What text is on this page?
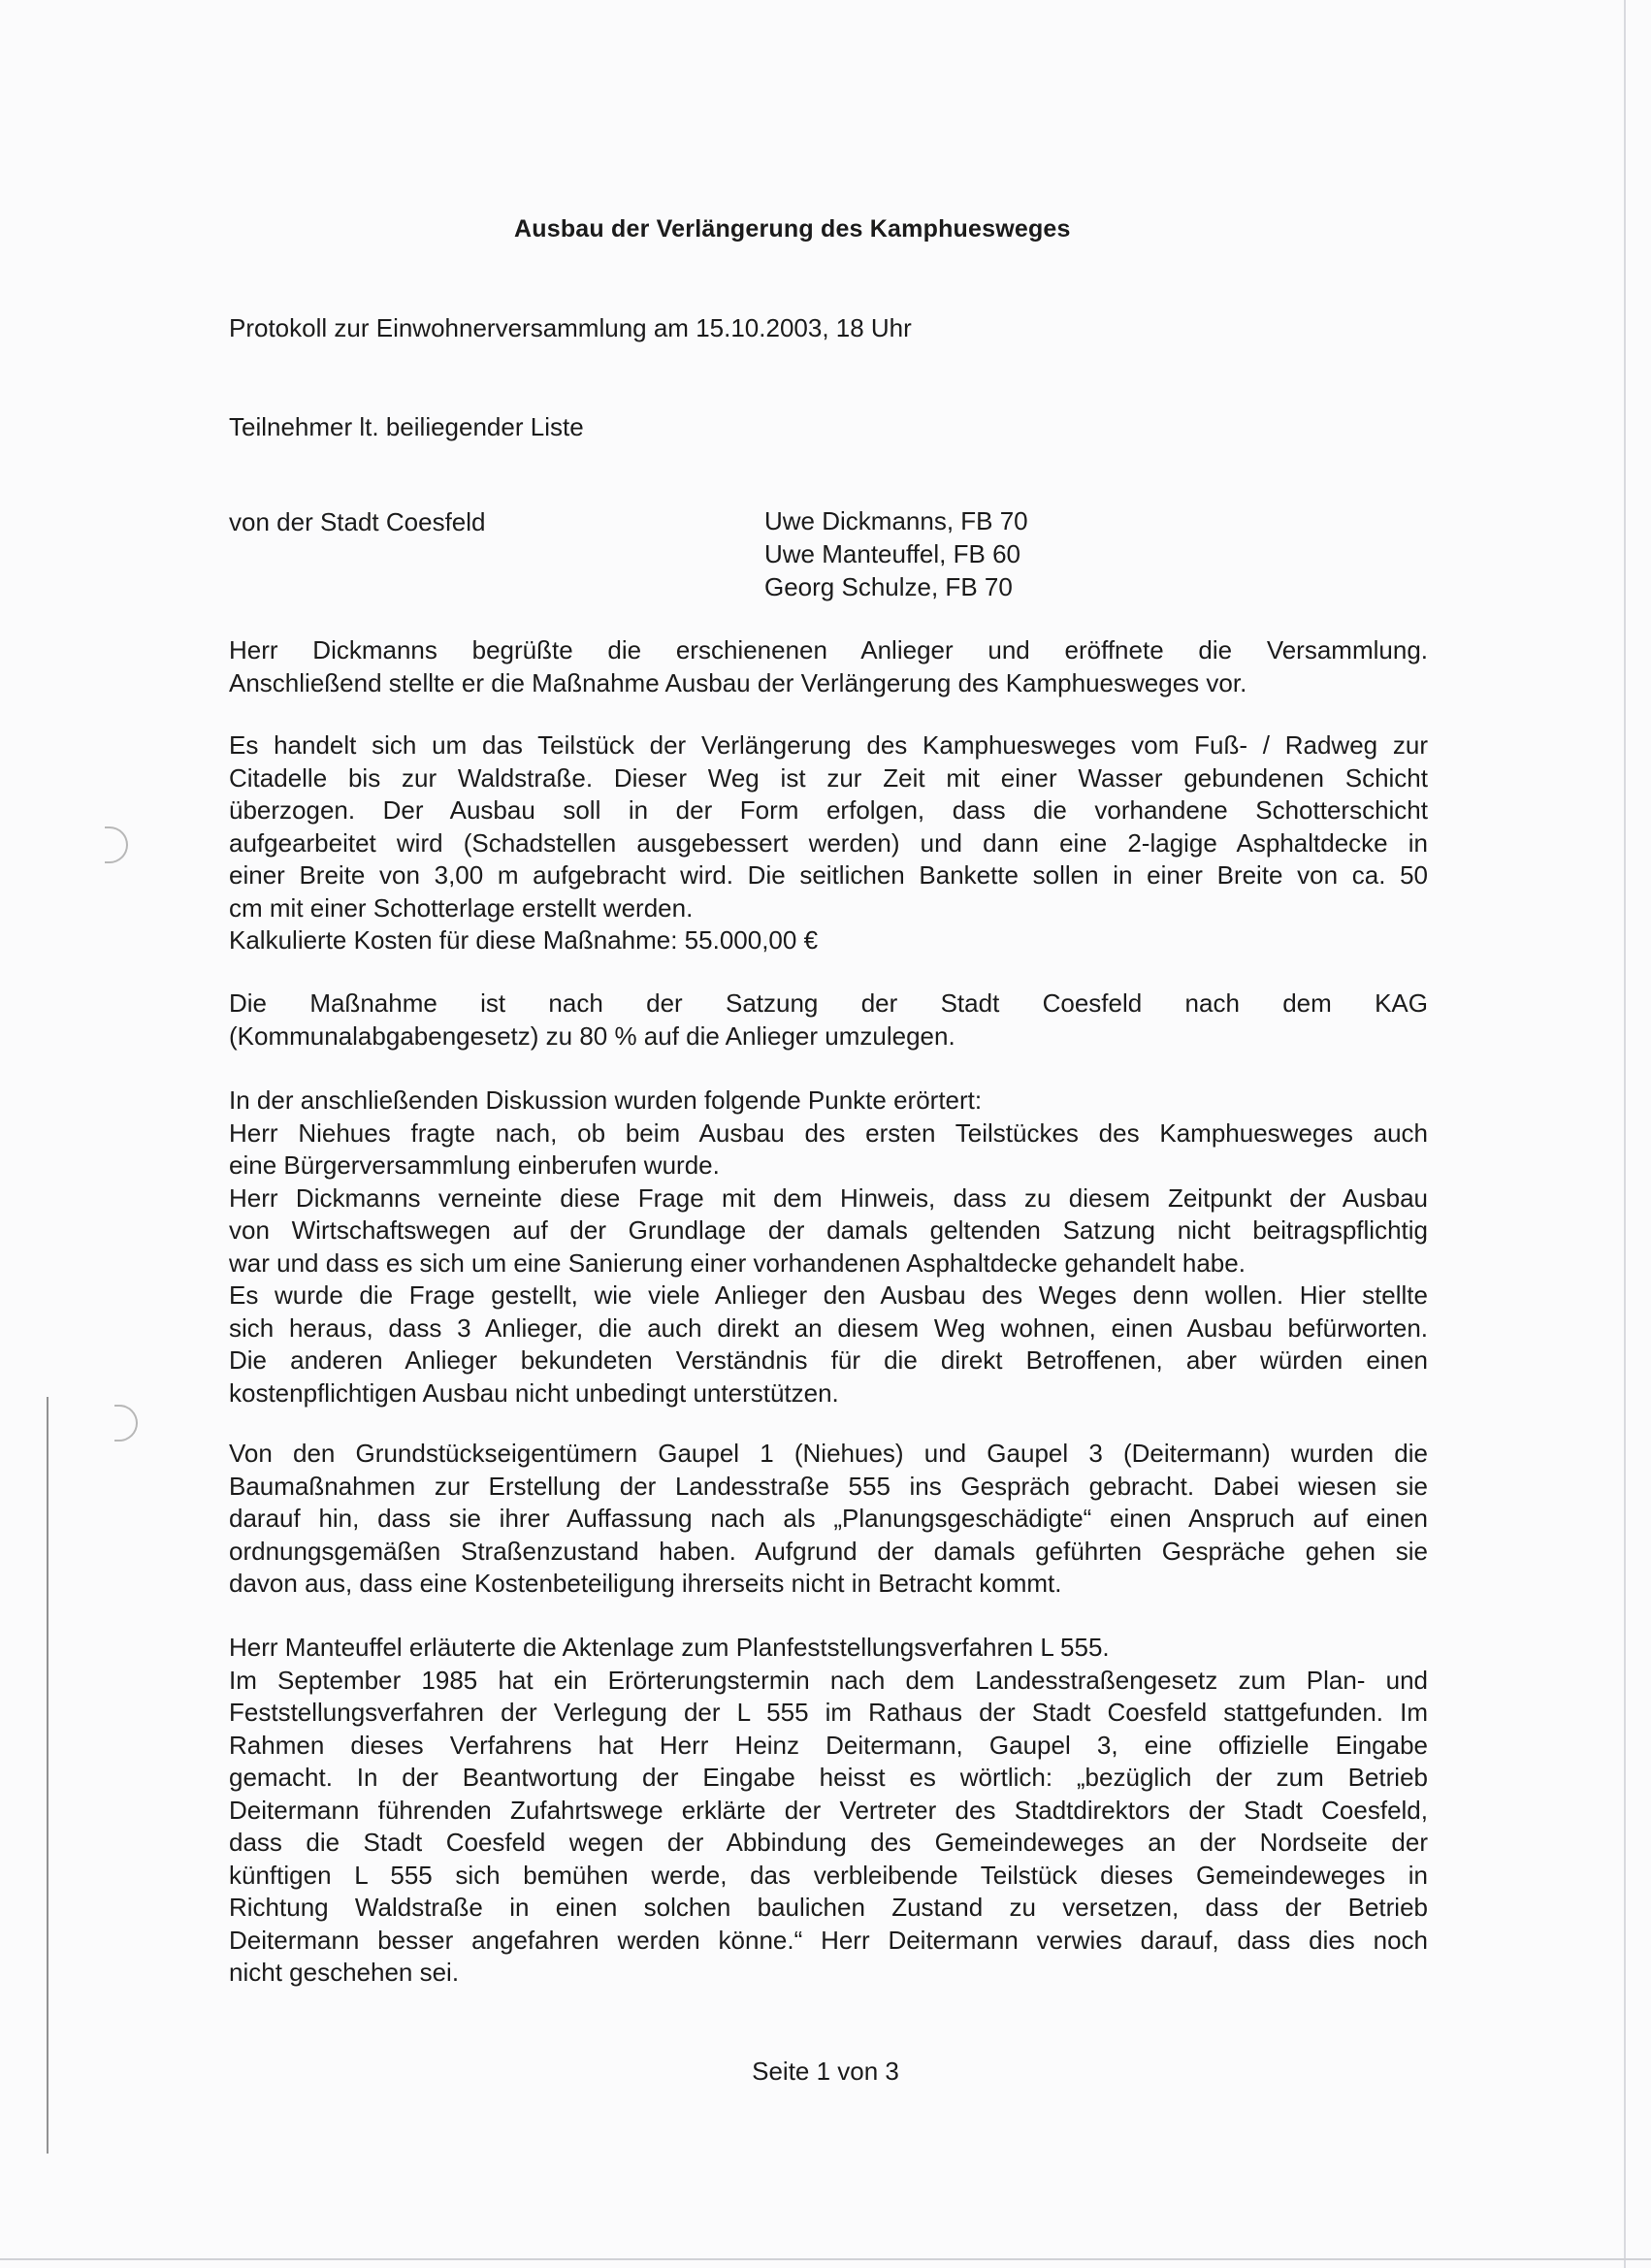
Ausbau der Verlängerung des Kamphuesweges
Protokoll zur Einwohnerversammlung am 15.10.2003, 18 Uhr
Teilnehmer lt. beiliegender Liste
von der Stadt Coesfeld	Uwe Dickmanns, FB 70
Uwe Manteuffel, FB 60
Georg Schulze, FB 70
Herr Dickmanns begrüßte die erschienenen Anlieger und eröffnete die Versammlung.
Anschließend stellte er die Maßnahme Ausbau der Verlängerung des Kamphuesweges vor.
Es handelt sich um das Teilstück der Verlängerung des Kamphuesweges vom Fuß- / Radweg zur
Citadelle bis zur Waldstraße. Dieser Weg ist zur Zeit mit einer Wasser gebundenen Schicht
überzogen. Der Ausbau soll in der Form erfolgen, dass die vorhandene Schotterschicht
aufgearbeitet wird (Schadstellen ausgebessert werden) und dann eine 2-lagige Asphaltdecke in
einer Breite von 3,00 m aufgebracht wird. Die seitlichen Bankette sollen in einer Breite von ca. 50
cm mit einer Schotterlage erstellt werden.
Kalkulierte Kosten für diese Maßnahme: 55.000,00 €
Die Maßnahme ist nach der Satzung der Stadt Coesfeld nach dem KAG
(Kommunalabgabengesetz) zu 80 % auf die Anlieger umzulegen.
In der anschließenden Diskussion wurden folgende Punkte erörtert:
Herr Niehues fragte nach, ob beim Ausbau des ersten Teilstückes des Kamphuesweges auch
eine Bürgerversammlung einberufen wurde.
Herr Dickmanns verneinte diese Frage mit dem Hinweis, dass zu diesem Zeitpunkt der Ausbau
von Wirtschaftswegen auf der Grundlage der damals geltenden Satzung nicht beitragspflichtig
war und dass es sich um eine Sanierung einer vorhandenen Asphaltdecke gehandelt habe.
Es wurde die Frage gestellt, wie viele Anlieger den Ausbau des Weges denn wollen. Hier stellte
sich heraus, dass 3 Anlieger, die auch direkt an diesem Weg wohnen, einen Ausbau befürworten.
Die anderen Anlieger bekundeten Verständnis für die direkt Betroffenen, aber würden einen
kostenpflichtigen Ausbau nicht unbedingt unterstützen.
Von den Grundstückseigentümern Gaupel 1 (Niehues) und Gaupel 3 (Deitermann) wurden die
Baumaßnahmen zur Erstellung der Landesstraße 555 ins Gespräch gebracht. Dabei wiesen sie
darauf hin, dass sie ihrer Auffassung nach als „Planungsgeschädigte“ einen Anspruch auf einen
ordnungsgemäßen Straßenzustand haben. Aufgrund der damals geführten Gespräche gehen sie
davon aus, dass eine Kostenbeteiligung ihrerseits nicht in Betracht kommt.
Herr Manteuffel erläuterte die Aktenlage zum Planfeststellungsverfahren L 555.
Im September 1985 hat ein Erörterungstermin nach dem Landesstraßengesetz zum Plan- und
Feststellungsverfahren der Verlegung der L 555 im Rathaus der Stadt Coesfeld stattgefunden. Im
Rahmen dieses Verfahrens hat Herr Heinz Deitermann, Gaupel 3, eine offizielle Eingabe
gemacht. In der Beantwortung der Eingabe heisst es wörtlich: „bezüglich der zum Betrieb
Deitermann führenden Zufahrtswege erklärte der Vertreter des Stadtdirektors der Stadt Coesfeld,
dass die Stadt Coesfeld wegen der Abbindung des Gemeindeweges an der Nordseite der
künftigen L 555 sich bemühen werde, das verbleibende Teilstück dieses Gemeindeweges in
Richtung Waldstraße in einen solchen baulichen Zustand zu versetzen, dass der Betrieb
Deitermann besser angefahren werden könne.“ Herr Deitermann verwies darauf, dass dies noch
nicht geschehen sei.
Seite 1 von 3
